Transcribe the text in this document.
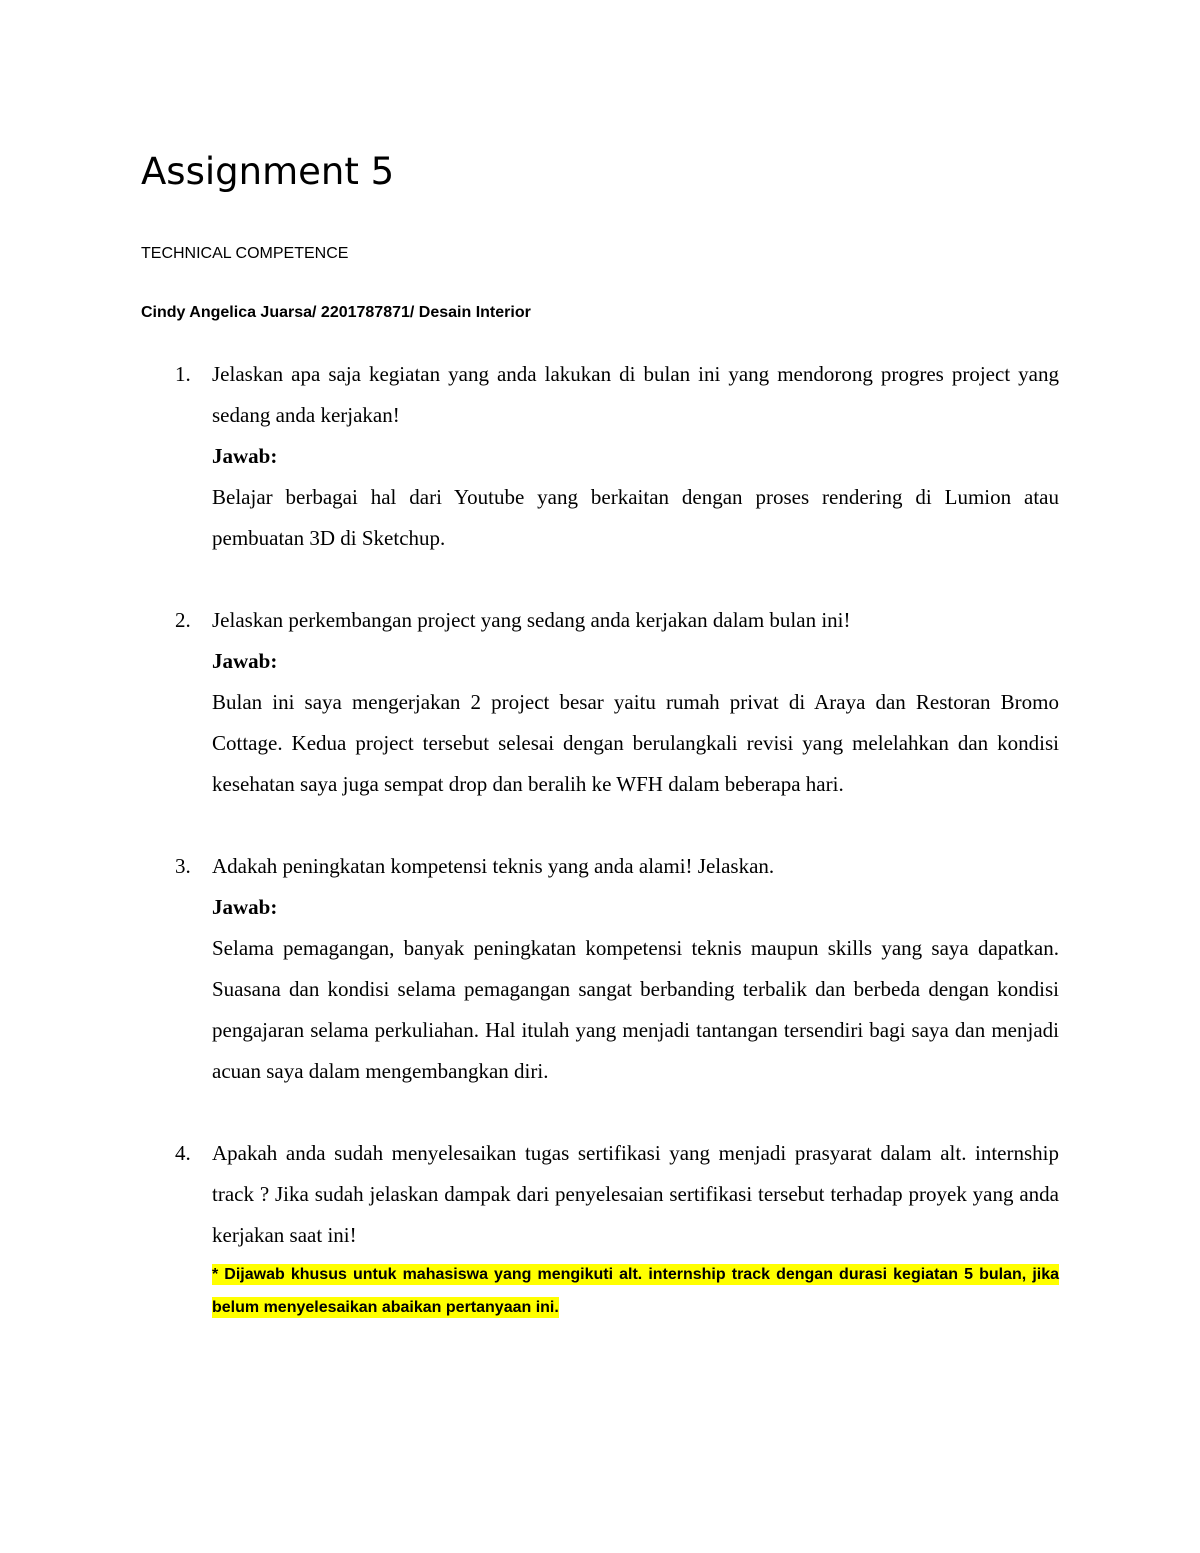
Assignment 5

TECHNICAL COMPETENCE

Cindy Angelica Juarsa/ 2201787871/ Desain Interior

1. Jelaskan apa saja kegiatan yang anda lakukan di bulan ini yang mendorong progres project yang sedang anda kerjakan!

Jawab:

Belajar berbagai hal dari Youtube yang berkaitan dengan proses rendering di Lumion atau pembuatan 3D di Sketchup.

2. Jelaskan perkembangan project yang sedang anda kerjakan dalam bulan ini!

Jawab:

Bulan ini saya mengerjakan 2 project besar yaitu rumah privat di Araya dan Restoran Bromo Cottage. Kedua project tersebut selesai dengan berulangkali revisi yang melelahkan dan kondisi kesehatan saya juga sempat drop dan beralih ke WFH dalam beberapa hari.

3. Adakah peningkatan kompetensi teknis yang anda alami! Jelaskan.

Jawab:

Selama pemagangan, banyak peningkatan kompetensi teknis maupun skills yang saya dapatkan. Suasana dan kondisi selama pemagangan sangat berbanding terbalik dan berbeda dengan kondisi pengajaran selama perkuliahan. Hal itulah yang menjadi tantangan tersendiri bagi saya dan menjadi acuan saya dalam mengembangkan diri.

4. Apakah anda sudah menyelesaikan tugas sertifikasi yang menjadi prasyarat dalam alt. internship track ? Jika sudah jelaskan dampak dari penyelesaian sertifikasi tersebut terhadap proyek yang anda kerjakan saat ini!

* Dijawab khusus untuk mahasiswa yang mengikuti alt. internship track dengan durasi kegiatan 5 bulan, jika belum menyelesaikan abaikan pertanyaan ini.
